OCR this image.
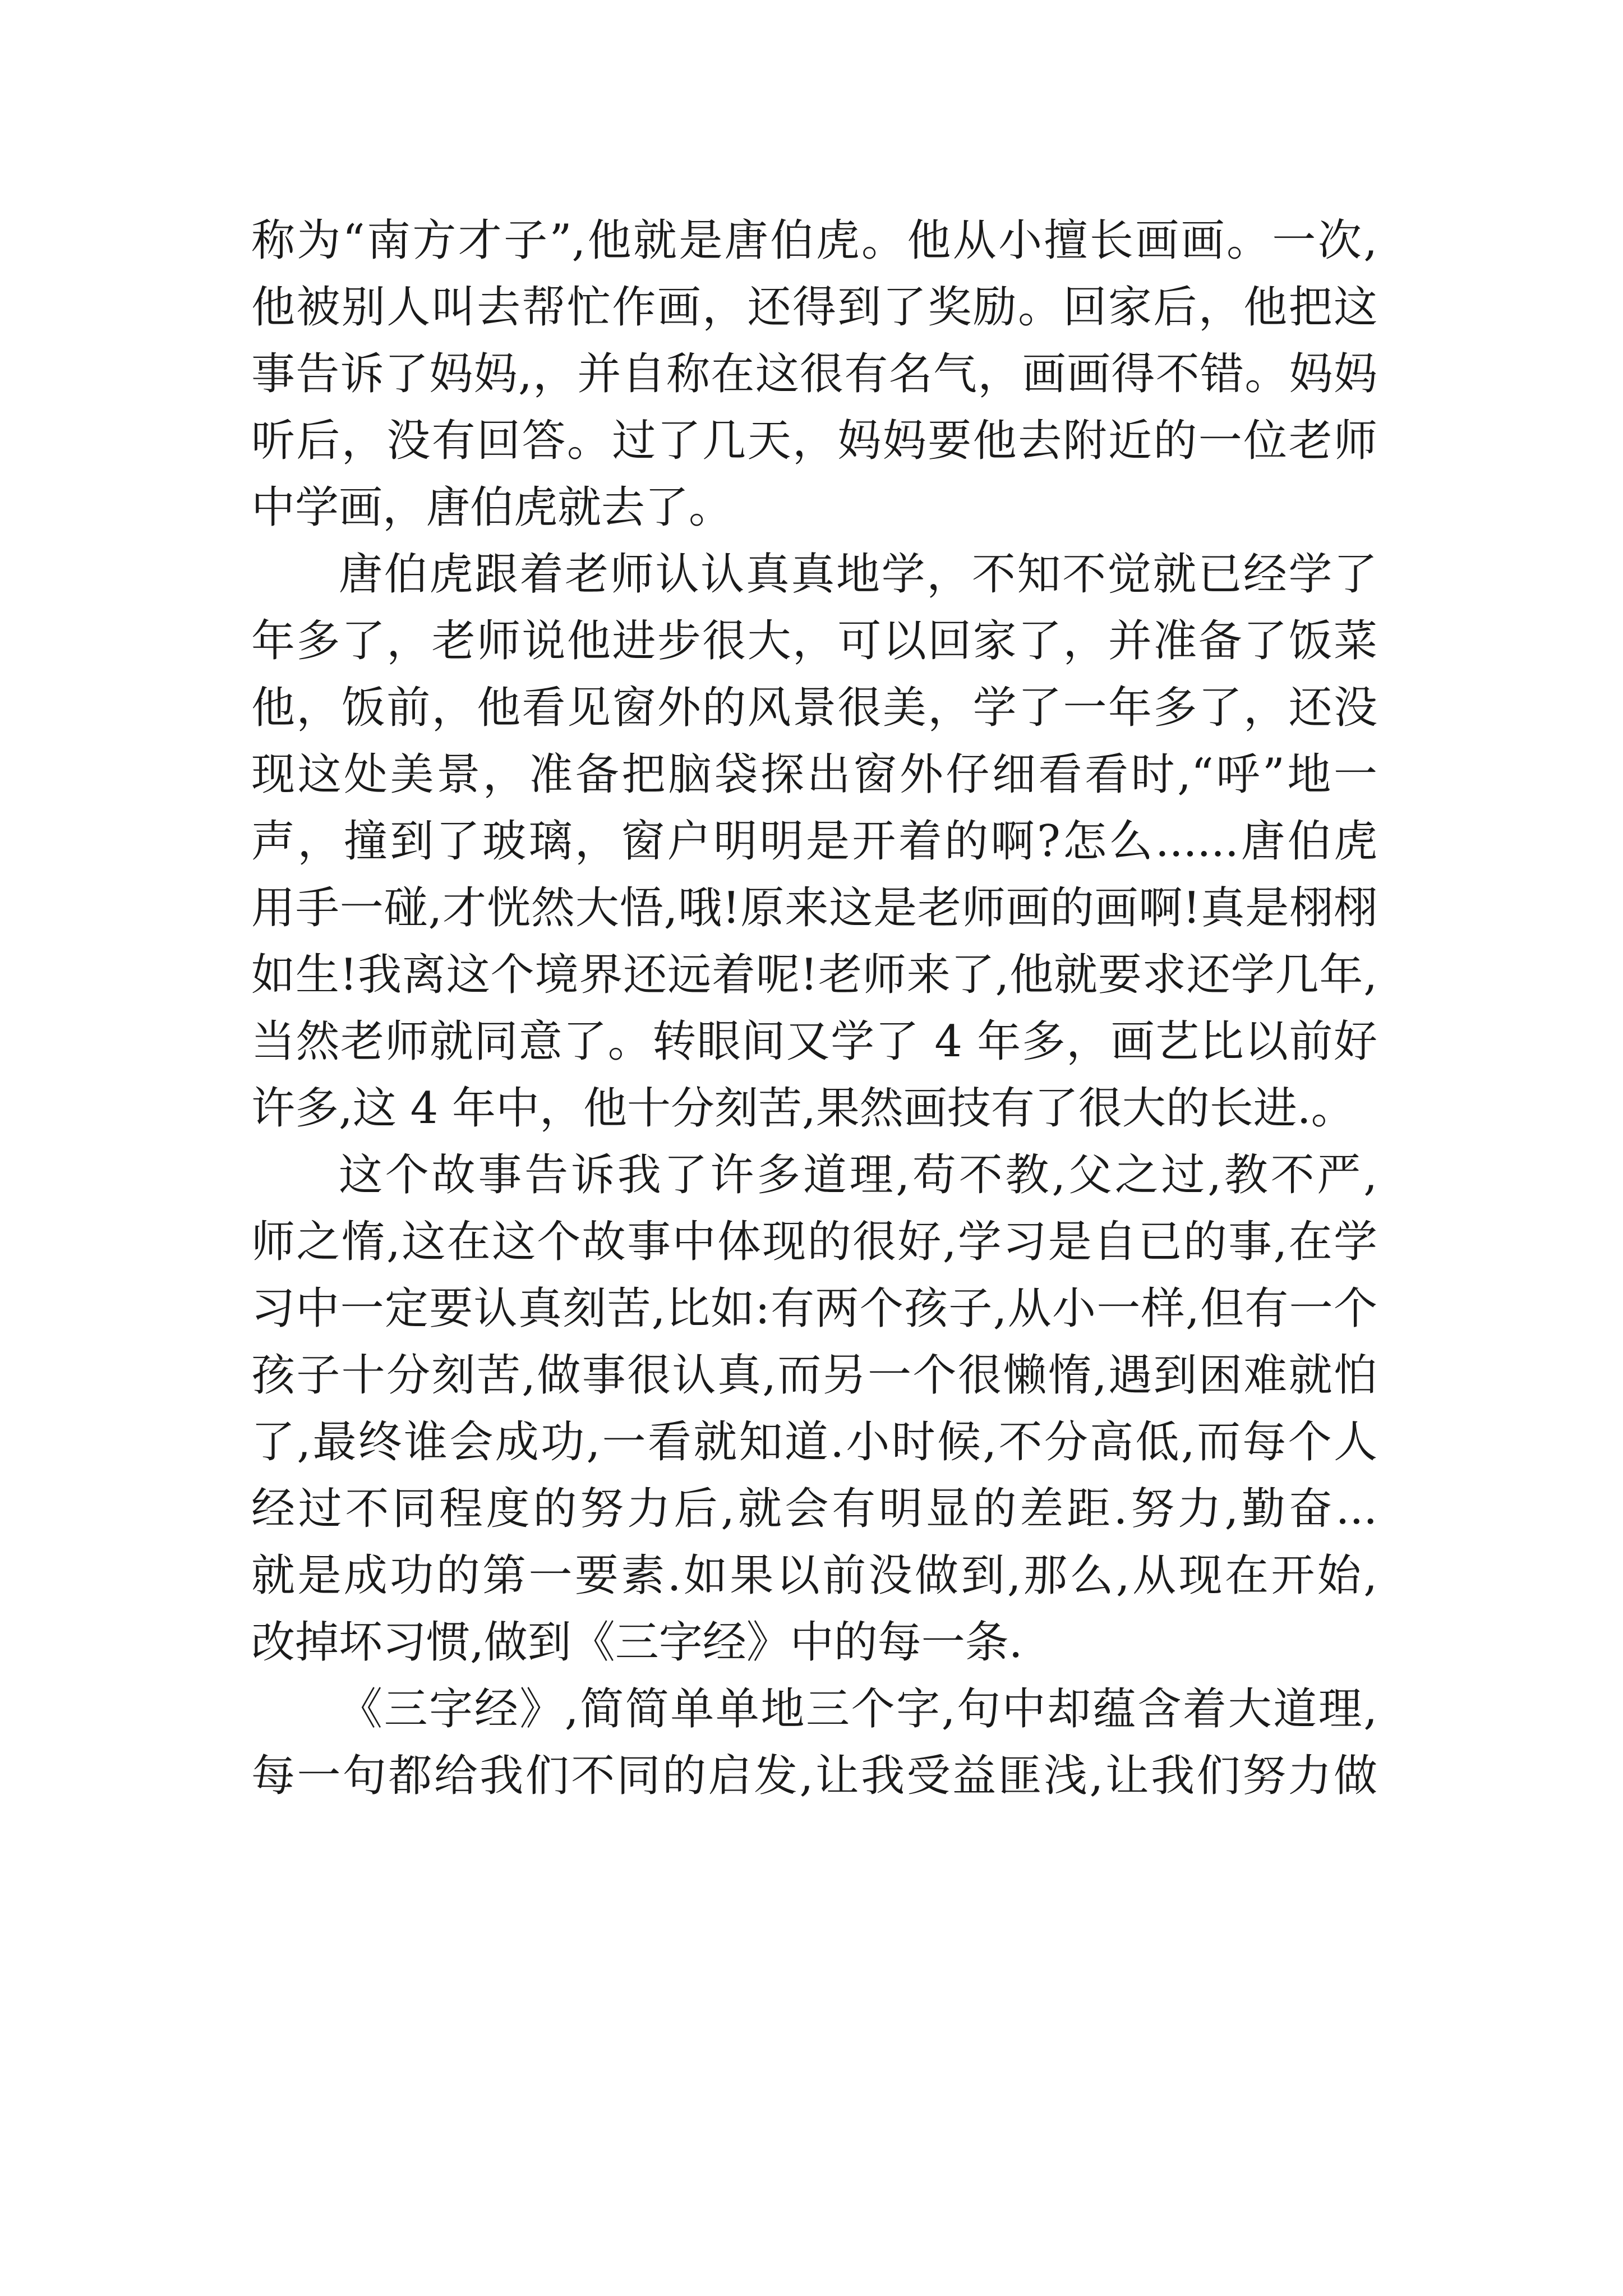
称为“南方才子”,他就是唐伯虎。他从小擅长画画。一次,
他被别人叫去帮忙作画，还得到了奖励。回家后，他把这
事告诉了妈妈,，并自称在这很有名气，画画得不错。妈妈
听后，没有回答。过了几天，妈妈要他去附近的一位老师
中学画，唐伯虎就去了。
唐伯虎跟着老师认认真真地学，不知不觉就已经学了
年多了，老师说他进步很大，可以回家了，并准备了饭菜
他，饭前，他看见窗外的风景很美，学了一年多了，还没
现这处美景，准备把脑袋探出窗外仔细看看时,“呼”地一
声，撞到了玻璃，窗户明明是开着的啊?怎么......唐伯虎
用手一碰,才恍然大悟,哦!原来这是老师画的画啊!真是栩栩
如生!我离这个境界还远着呢!老师来了,他就要求还学几年,
当然老师就同意了。转眼间又学了 4 年多，画艺比以前好
许多,这 4 年中，他十分刻苦,果然画技有了很大的长进.。
这个故事告诉我了许多道理,苟不教,父之过,教不严,
师之惰,这在这个故事中体现的很好,学习是自已的事,在学
习中一定要认真刻苦,比如:有两个孩子,从小一样,但有一个
孩子十分刻苦,做事很认真,而另一个很懒惰,遇到困难就怕
了,最终谁会成功,一看就知道.小时候,不分高低,而每个人
经过不同程度的努力后,就会有明显的差距.努力,勤奋...
就是成功的第一要素.如果以前没做到,那么,从现在开始,
改掉坏习惯,做到《三字经》中的每一条.
《三字经》,简简单单地三个字,句中却蕴含着大道理,
每一句都给我们不同的启发,让我受益匪浅,让我们努力做
